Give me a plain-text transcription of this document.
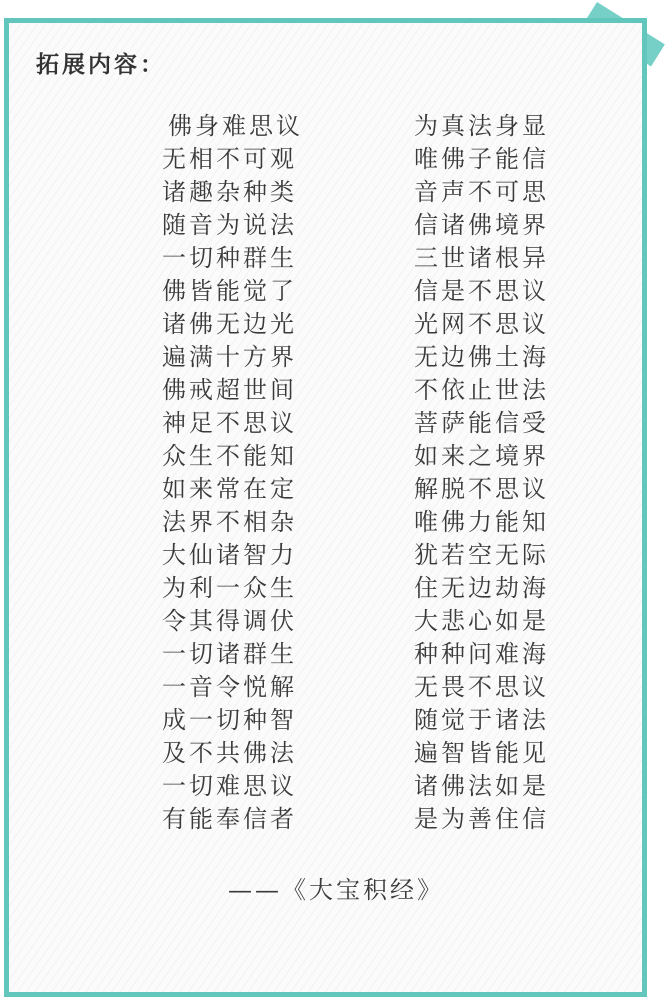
拓展内容：
佛身难思议	为真法身显
无相不可观	唯佛子能信
诸趣杂种类	音声不可思
随音为说法	信诸佛境界
一切种群生	三世诸根异
佛皆能觉了	信是不思议
诸佛无边光	光网不思议
遍满十方界	无边佛土海
佛戒超世间	不依止世法
神足不思议	菩萨能信受
众生不能知	如来之境界
如来常在定	解脱不思议
法界不相杂	唯佛力能知
大仙诸智力	犹若空无际
为利一众生	住无边劫海
令其得调伏	大悲心如是
一切诸群生	种种问难海
一音令悦解	无畏不思议
成一切种智	随觉于诸法
及不共佛法	遍智皆能见
一切难思议	诸佛法如是
有能奉信者	是为善住信
——《大宝积经》
